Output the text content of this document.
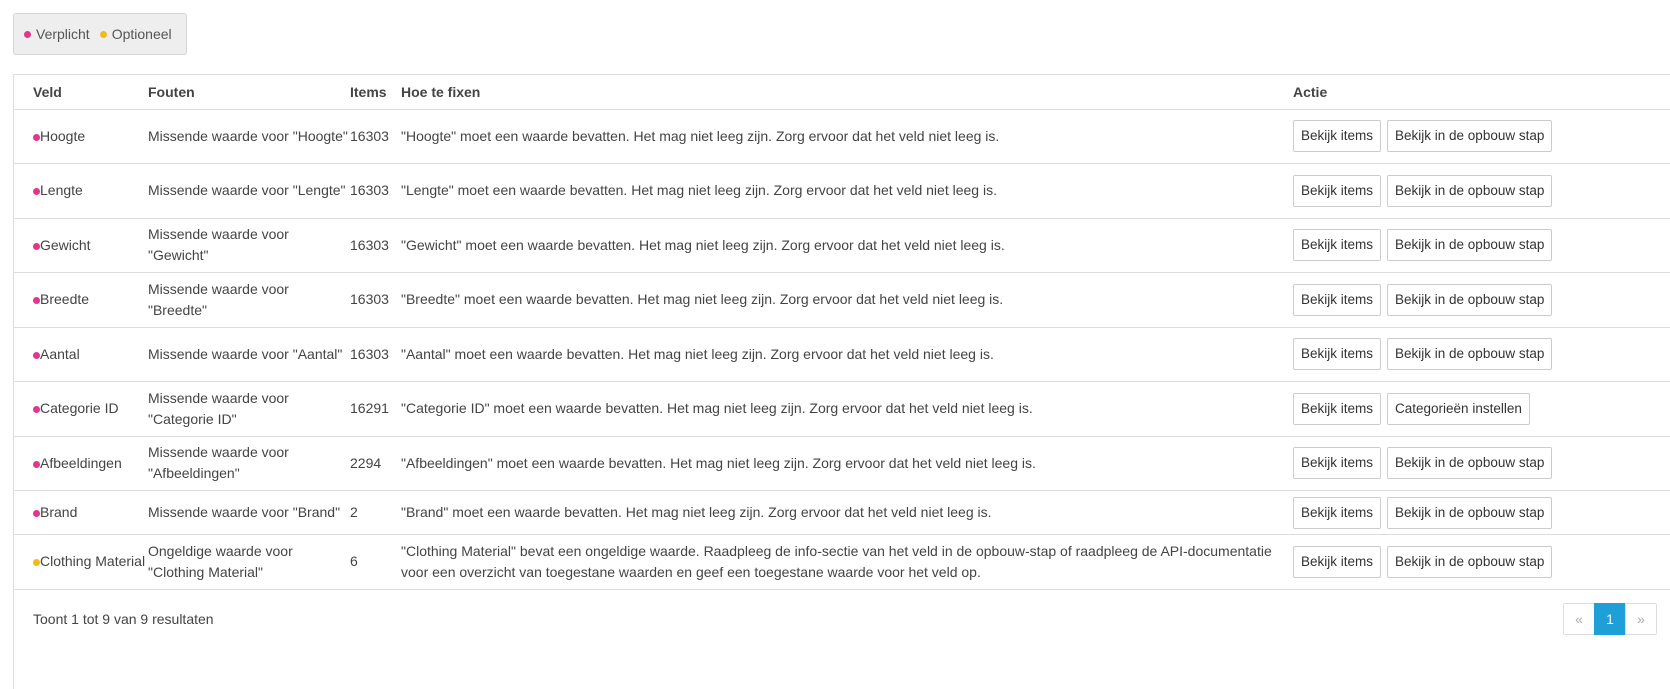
Verplicht Optioneel
Veld	Fouten	Items	Hoe te fixen	Actie
Hoogte	Missende waarde voor "Hoogte"	16303	"Hoogte" moet een waarde bevatten. Het mag niet leeg zijn. Zorg ervoor dat het veld niet leeg is.	Bekijk items Bekijk in de opbouw stap
Lengte	Missende waarde voor "Lengte"	16303	"Lengte" moet een waarde bevatten. Het mag niet leeg zijn. Zorg ervoor dat het veld niet leeg is.	Bekijk items Bekijk in de opbouw stap
Gewicht	Missende waarde voor "Gewicht"	16303	"Gewicht" moet een waarde bevatten. Het mag niet leeg zijn. Zorg ervoor dat het veld niet leeg is.	Bekijk items Bekijk in de opbouw stap
Breedte	Missende waarde voor "Breedte"	16303	"Breedte" moet een waarde bevatten. Het mag niet leeg zijn. Zorg ervoor dat het veld niet leeg is.	Bekijk items Bekijk in de opbouw stap
Aantal	Missende waarde voor "Aantal"	16303	"Aantal" moet een waarde bevatten. Het mag niet leeg zijn. Zorg ervoor dat het veld niet leeg is.	Bekijk items Bekijk in de opbouw stap
Categorie ID	Missende waarde voor "Categorie ID"	16291	"Categorie ID" moet een waarde bevatten. Het mag niet leeg zijn. Zorg ervoor dat het veld niet leeg is.	Bekijk items Categorieën instellen
Afbeeldingen	Missende waarde voor "Afbeeldingen"	2294	"Afbeeldingen" moet een waarde bevatten. Het mag niet leeg zijn. Zorg ervoor dat het veld niet leeg is.	Bekijk items Bekijk in de opbouw stap
Brand	Missende waarde voor "Brand"	2	"Brand" moet een waarde bevatten. Het mag niet leeg zijn. Zorg ervoor dat het veld niet leeg is.	Bekijk items Bekijk in de opbouw stap
Clothing Material	Ongeldige waarde voor "Clothing Material"	6	"Clothing Material" bevat een ongeldige waarde. Raadpleeg de info-sectie van het veld in de opbouw-stap of raadpleeg de API-documentatie voor een overzicht van toegestane waarden en geef een toegestane waarde voor het veld op.	Bekijk items Bekijk in de opbouw stap
Toont 1 tot 9 van 9 resultaten	«	1	»
